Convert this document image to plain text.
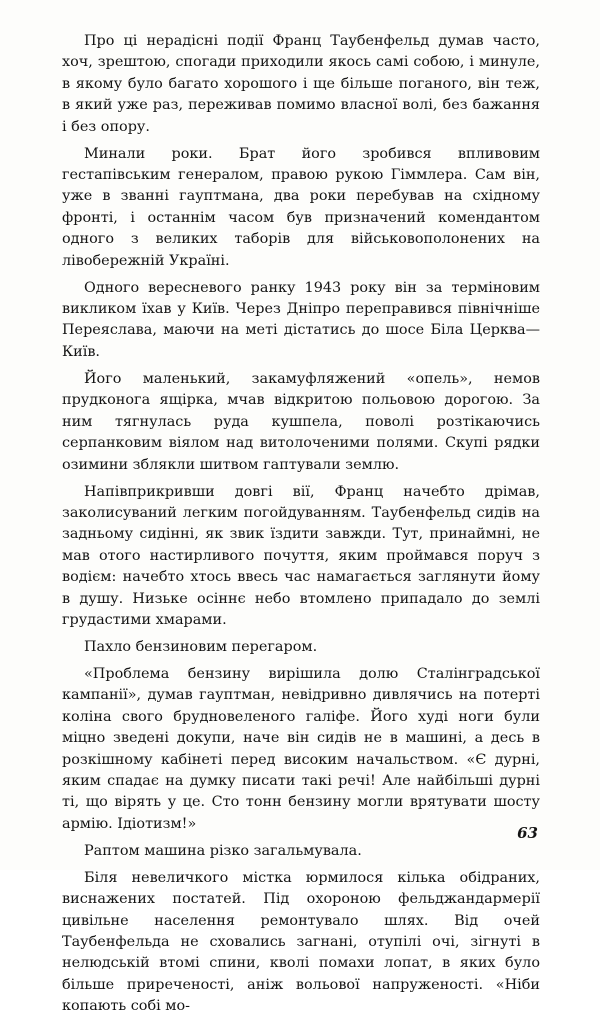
Про ці нерадісні події Франц Таубенфельд думав часто, хоч, зрештою, спогади приходили якось самі собою, і минуле, в якому було багато хорошого і ще більше поганого, він теж, в який уже раз, переживав помимо власної волі, без бажання і без опору.

Минали роки. Брат його зробився впливовим гестапівським генералом, правою рукою Гіммлера. Сам він, уже в званні гауптмана, два роки перебував на східному фронті, і останнім часом був призначений комендантом одного з великих таборів для військовополонених на лівобережній Україні.

Одного вересневого ранку 1943 року він за терміновим викликом їхав у Київ. Через Дніпро переправився північніше Переяслава, маючи на меті дістатись до шосе Біла Церква—Київ.

Його маленький, закамуфляжений «опель», немов прудконога ящірка, мчав відкритою польовою дорогою. За ним тягнулась руда кушпела, поволі розтікаючись серпанковим віялом над витолоченими полями. Скупі рядки озимини зблякли шитвом гаптували землю.

Напівприкривши довгі вії, Франц начебто дрімав, заколисуваний легким погойдуванням. Таубенфельд сидів на задньому сидінні, як звик їздити завжди. Тут, принаймні, не мав отого настирливого почуття, яким проймався поруч з водієм: начебто хтось ввесь час намагається заглянути йому в душу. Низьке осіннє небо втомлено припадало до землі грудастими хмарами.

Пахло бензиновим перегаром.

«Проблема бензину вирішила долю Сталінградської кампанії», думав гауптман, невідривно дивлячись на потерті коліна свого брудновеленого галіфе. Його худі ноги були міцно зведені докупи, наче він сидів не в машині, а десь в розкішному кабінеті перед високим начальством. «Є дурні, яким спадає на думку писати такі речі! Але найбільші дурні ті, що вірять у це. Сто тонн бензину могли врятувати шосту армію. Ідіотизм!»

Раптом машина різко загальмувала.

Біля невеличкого містка юрмилося кілька обідраних, виснажених постатей. Під охороною фельджандармерії цивільне населення ремонтувало шлях. Від очей Таубенфельда не сховались загнані, отупілі очі, зігнуті в нелюдській втомі спини, кволі помахи лопат, в яких було більше приреченості, аніж вольової напруженості. «Ніби копають собі мо-

63
